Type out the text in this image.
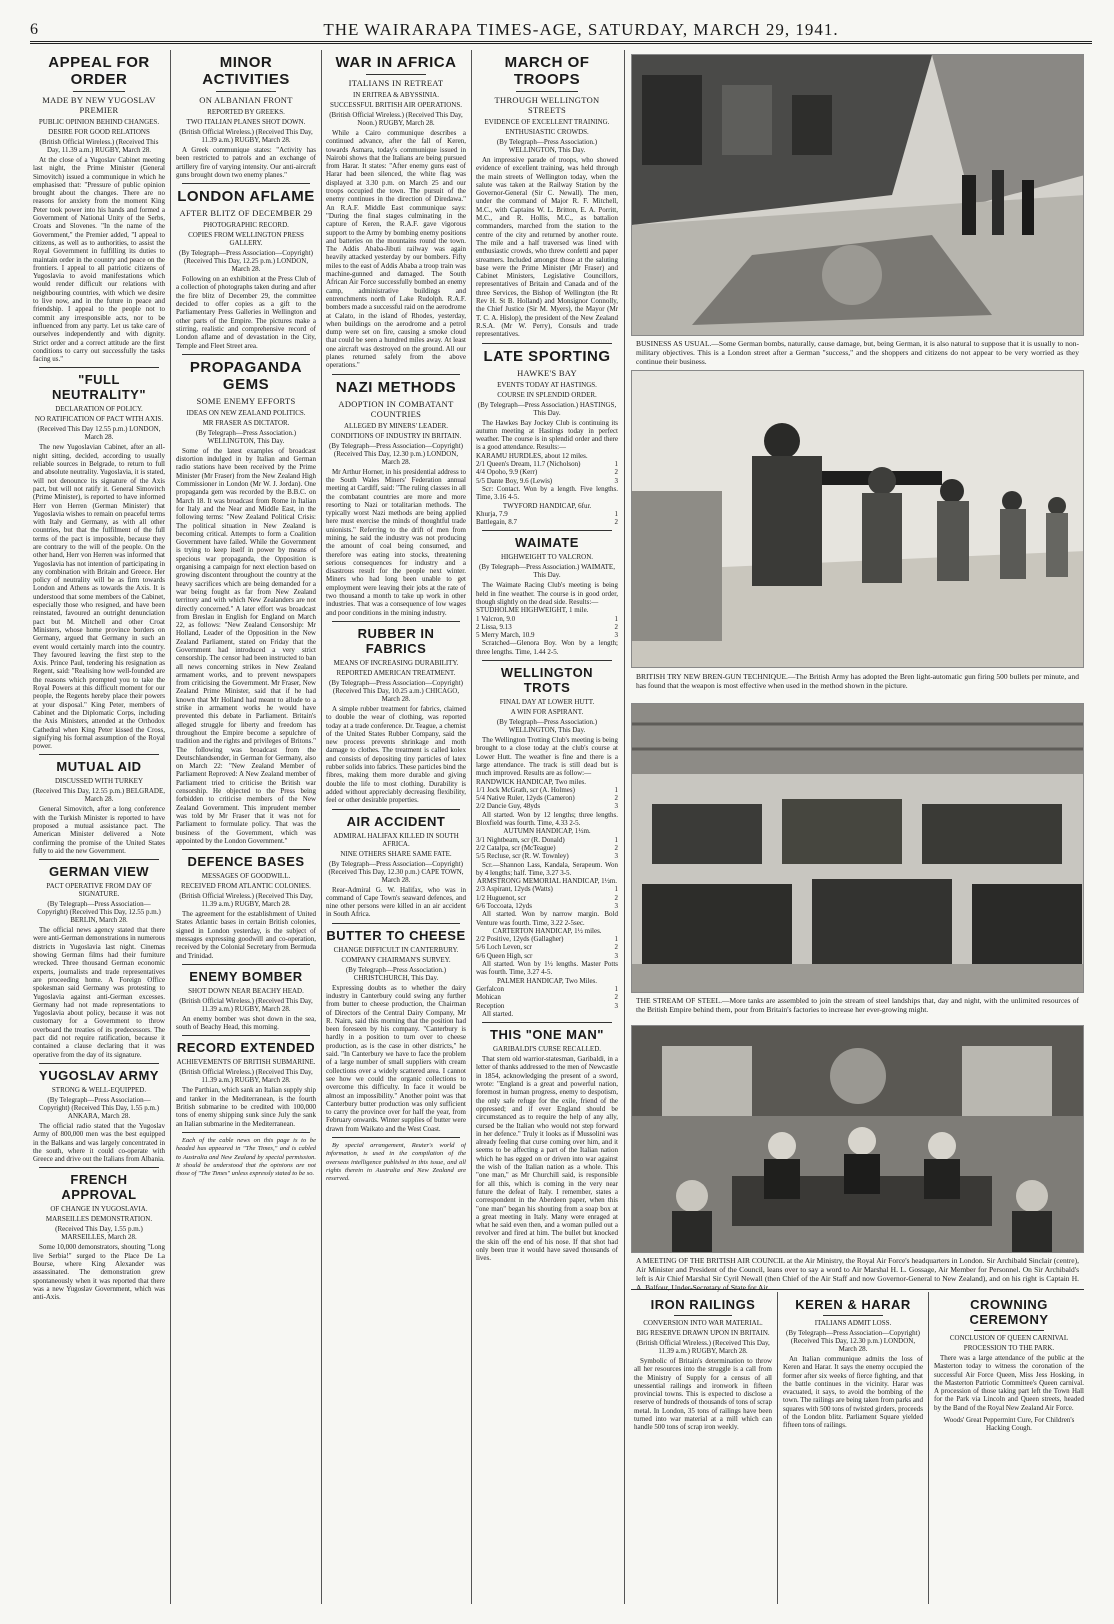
6	THE WAIRARAPA TIMES-AGE, SATURDAY, MARCH 29, 1941.
APPEAL FOR ORDER
MADE BY NEW YUGOSLAV PREMIER
PUBLIC OPINION BEHIND CHANGES.
DESIRE FOR GOOD RELATIONS
(British Official Wireless.) (Received This Day, 11.39 a.m.) RUGBY, March 28.

At the close of a Yugoslav Cabinet meeting last night, the Prime Minister (General Simovitch) issued a communique in which he emphasised that: "Pressure of public opinion brought about the changes. There are no reasons for anxiety from the moment King Peter took power into his hands and formed a Government of National Unity of the Serbs, Croats and Slovenes. "In the name of the Government," the Premier added, "I appeal to citizens, as well as to authorities, to assist the Royal Government in fulfilling its duties to maintain order in the country and peace on the frontiers. I appeal to all patriotic citizens of Yugoslavia to avoid manifestations which would render difficult our relations with neighbouring countries, with which we desire to live now, and in the future in peace and friendship. I appeal to the people not to commit any irresponsible acts, nor to be influenced from any party. Let us take care of ourselves independently and with dignity. Strict order and a correct attitude are the first conditions to carry out successfully the tasks facing us."

"FULL NEUTRALITY"
DECLARATION OF POLICY.
NO RATIFICATION OF PACT WITH AXIS.
(Received This Day 12.55 p.m.) LONDON, March 28.

The new Yugoslavian Cabinet, after an all-night sitting, decided, according to usually reliable sources in Belgrade, to return to full and absolute neutrality. Yugoslavia, it is stated, will not denounce its signature of the Axis pact, but will not ratify it. General Simovitch (Prime Minister), is reported to have informed Herr von Herren (German Minister) that Yugoslavia wishes to remain on peaceful terms with Italy and Germany, as with all other countries, but that the fulfilment of the full terms of the pact is impossible, because they are contrary to the will of the people. On the other hand, Herr von Herren was informed that Yugoslavia has not intention of participating in any combination with Britain and Greece. Her policy of neutrality will be as firm towards London and Athens as towards the Axis. It is understood that some members of the Cabinet, especially those who resigned, and have been reinstated, favoured an outright denunciation pact but M. Mitchell and other Croat Ministers, whose home province borders on Germany, argued that Germany in such an event would certainly march into the country. They favoured leaving the first step to the Axis. Prince Paul, tendering his resignation as Regent, said: "Realising how well-founded are the reasons which prompted you to take the Royal Powers at this difficult moment for our people, the Regents hereby place their powers at your disposal." King Peter, members of Cabinet and the Diplomatic Corps, including the Axis Ministers, attended at the Orthodox Cathedral when King Peter kissed the Cross, signifying his formal assumption of the Royal power.

MUTUAL AID
DISCUSSED WITH TURKEY
(Received This Day, 12.55 p.m.) BELGRADE, March 28.

General Simovitch, after a long conference with the Turkish Minister is reported to have proposed a mutual assistance pact. The American Minister delivered a Note confirming the promise of the United States fully to aid the new Government.

GERMAN VIEW
PACT OPERATIVE FROM DAY OF SIGNATURE.
(By Telegraph—Press Association—Copyright) (Received This Day, 12.55 p.m.) BERLIN, March 28.

The official news agency stated that there were anti-German demonstrations in numerous districts in Yugoslavia last night. Cinemas showing German films had their furniture wrecked. Three thousand German economic experts, journalists and trade representatives are proceeding home. A Foreign Office spokesman said Germany was protesting to Yugoslavia against anti-German excesses. Germany had not made representations to Yugoslavia about policy, because it was not customary for a Government to throw overboard the treaties of its predecessors. The pact did not require ratification, because it contained a clause declaring that it was operative from the day of its signature.

YUGOSLAV ARMY
STRONG & WELL-EQUIPPED.
(By Telegraph—Press Association—Copyright) (Received This Day, 1.55 p.m.) ANKARA, March 28.

The official radio stated that the Yugoslav Army of 800,000 men was the best equipped in the Balkans and was largely concentrated in the south, where it could co-operate with Greece and drive out the Italians from Albania.

FRENCH APPROVAL
OF CHANGE IN YUGOSLAVIA.
MARSEILLES DEMONSTRATION.
(Received This Day, 1.55 p.m.) MARSEILLES, March 28.

Some 10,000 demonstrators, shouting "Long live Serbia!" surged to the Place De La Bourse, where King Alexander was assassinated. The demonstration grew spontaneously when it was reported that there was a new Yugoslav Government, which was anti-Axis.

MINOR ACTIVITIES
ON ALBANIAN FRONT
REPORTED BY GREEKS.
TWO ITALIAN PLANES SHOT DOWN.
(British Official Wireless.) (Received This Day, 11.39 a.m.) RUGBY, March 28.

A Greek communique states: "Activity has been restricted to patrols and an exchange of artillery fire of varying intensity. Our anti-aircraft guns brought down two enemy planes."

LONDON AFLAME
AFTER BLITZ OF DECEMBER 29
PHOTOGRAPHIC RECORD.
COPIES FROM WELLINGTON PRESS GALLERY.
(By Telegraph—Press Association—Copyright) (Received This Day, 12.25 p.m.) LONDON, March 28.

Following on an exhibition at the Press Club of a collection of photographs taken during and after the fire blitz of December 29, the committee decided to offer copies as a gift to the Parliamentary Press Galleries in Wellington and other parts of the Empire. The pictures make a stirring, realistic and comprehensive record of London aflame and of devastation in the City, Temple and Fleet Street area.

PROPAGANDA GEMS
SOME ENEMY EFFORTS
IDEAS ON NEW ZEALAND POLITICS.
MR FRASER AS DICTATOR.
(By Telegraph—Press Association.) WELLINGTON, This Day.

Some of the latest examples of broadcast distortion indulged in by Italian and German radio stations have been received by the Prime Minister (Mr Fraser) from the New Zealand High Commissioner in London (Mr W. J. Jordan). One propaganda gem was recorded by the B.B.C. on March 18. It was broadcast from Rome in Italian for Italy and the Near and Middle East, in the following terms: "New Zealand Political Crisis: The political situation in New Zealand is becoming critical. Attempts to form a Coalition Government have failed. While the Government is trying to keep itself in power by means of specious war propaganda, the Opposition is organising a campaign for next election based on growing discontent throughout the country at the heavy sacrifices which are being demanded for a war being fought as far from New Zealand territory and with which New Zealanders are not directly concerned." A later effort was broadcast from Breslau in English for England on March 22, as follows: "New Zealand Censorship: Mr Holland, Leader of the Opposition in the New Zealand Parliament, stated on Friday that the Government had introduced a very strict censorship. The censor had been instructed to ban all news concerning strikes in New Zealand armament works, and to prevent newspapers from criticising the Government. Mr Fraser, New Zealand Prime Minister, said that if he had known that Mr Holland had meant to allude to a strike in armament works he would have prevented this debate in Parliament. Britain's alleged struggle for liberty and freedom has throughout the Empire become a sepulchre of tradition and the rights and privileges of Britons." The following was broadcast from the Deutschlandsender, in German for Germany, also on March 22: "New Zealand Member of Parliament Reproved: A New Zealand member of Parliament tried to criticise the British war censorship. He objected to the Press being forbidden to criticise members of the New Zealand Government. This imprudent member was told by Mr Fraser that it was not for Parliament to formulate policy. That was the business of the Government, which was appointed by the London Government."

DEFENCE BASES
MESSAGES OF GOODWILL.
RECEIVED FROM ATLANTIC COLONIES.
(British Official Wireless.) (Received This Day, 11.39 a.m.) RUGBY, March 28.

The agreement for the establishment of United States Atlantic bases in certain British colonies, signed in London yesterday, is the subject of messages expressing goodwill and co-operation, received by the Colonial Secretary from Bermuda and Trinidad.

ENEMY BOMBER
SHOT DOWN NEAR BEACHY HEAD.
(British Official Wireless.) (Received This Day, 11.39 a.m.) RUGBY, March 28.

An enemy bomber was shot down in the sea, south of Beachy Head, this morning.

RECORD EXTENDED
ACHIEVEMENTS OF BRITISH SUBMARINE.
(British Official Wireless.) (Received This Day, 11.39 a.m.) RUGBY, March 28.

The Parthian, which sank an Italian supply ship and tanker in the Mediterranean, is the fourth British submarine to be credited with 100,000 tons of enemy shipping sunk since July the sank an Italian submarine in the Mediterranean.

Each of the cable news on this page is to be headed has appeared in "The Times," and is cabled to Australia and New Zealand by special permission. It should be understood that the opinions are not those of "The Times" unless expressly stated to be so.

WAR IN AFRICA
ITALIANS IN RETREAT
IN ERITREA & ABYSSINIA.
SUCCESSFUL BRITISH AIR OPERATIONS.
(British Official Wireless.) (Received This Day, Noon.) RUGBY, March 28.

While a Cairo communique describes a continued advance, after the fall of Keren, towards Asmara, today's communique issued in Nairobi shows that the Italians are being pursued from Harar. It states: "After enemy guns east of Harar had been silenced, the white flag was displayed at 3.30 p.m. on March 25 and our troops occupied the town. The pursuit of the enemy continues in the direction of Diredawa." An R.A.F. Middle East communique says: "During the final stages culminating in the capture of Keren, the R.A.F. gave vigorous support to the Army by bombing enemy positions and batteries on the mountains round the town. The Addis Ababa-Jibuti railway was again heavily attacked yesterday by our bombers. Fifty miles to the east of Addis Ababa a troop train was machine-gunned and damaged. The South African Air Force successfully bombed an enemy camp, administrative buildings and entrenchments north of Lake Rudolph. R.A.F. bombers made a successful raid on the aerodrome at Calato, in the island of Rhodes, yesterday, when buildings on the aerodrome and a petrol dump were set on fire, causing a smoke cloud that could be seen a hundred miles away. At least one aircraft was destroyed on the ground. All our planes returned safely from the above operations."

NAZI METHODS
ADOPTION IN COMBATANT COUNTRIES
ALLEGED BY MINERS' LEADER.
CONDITIONS OF INDUSTRY IN BRITAIN.
(By Telegraph—Press Association—Copyright) (Received This Day, 12.30 p.m.) LONDON, March 28.

Mr Arthur Horner, in his presidential address to the South Wales Miners' Federation annual meeting at Cardiff, said: "The ruling classes in all the combatant countries are more and more resorting to Nazi or totalitarian methods. The typically worst Nazi methods are being applied here must exercise the minds of thoughtful trade unionists." Referring to the drift of men from mining, he said the industry was not producing the amount of coal being consumed, and therefore was eating into stocks, threatening serious consequences for industry and a disastrous result for the people next winter. Miners who had long been unable to get employment were leaving their jobs at the rate of two thousand a month to take up work in other industries. That was a consequence of low wages and poor conditions in the mining industry.

RUBBER IN FABRICS
MEANS OF INCREASING DURABILITY.
REPORTED AMERICAN TREATMENT.
(By Telegraph—Press Association—Copyright) (Received This Day, 10.25 a.m.) CHICAGO, March 28.

A simple rubber treatment for fabrics, claimed to double the wear of clothing, was reported today at a trade conference. Dr. Teague, a chemist of the United States Rubber Company, said the new process prevents shrinkage and moth damage to clothes. The treatment is called kolex and consists of depositing tiny particles of latex rubber solids into fabrics. These particles bind the fibres, making them more durable and giving double the life to most clothing. Durability is added without appreciably decreasing flexibility, feel or other desirable properties.

AIR ACCIDENT
ADMIRAL HALIFAX KILLED IN SOUTH AFRICA.
NINE OTHERS SHARE SAME FATE.
(By Telegraph—Press Association—Copyright) (Received This Day, 12.30 p.m.) CAPE TOWN, March 28.

Rear-Admiral G. W. Halifax, who was in command of Cape Town's seaward defences, and nine other persons were killed in an air accident in South Africa.

BUTTER TO CHEESE
CHANGE DIFFICULT IN CANTERBURY.
COMPANY CHAIRMAN'S SURVEY.
(By Telegraph—Press Association.) CHRISTCHURCH, This Day.

Expressing doubts as to whether the dairy industry in Canterbury could swing any further from butter to cheese production, the Chairman of Directors of the Central Dairy Company, Mr R. Nairn, said this morning that the position had been foreseen by his company. "Canterbury is hardly in a position to turn over to cheese production, as is the case in other districts," he said. "In Canterbury we have to face the problem of a large number of small suppliers with cream collections over a widely scattered area. I cannot see how we could the organic collections to overcome this difficulty. In face it would be almost an impossibility." Another point was that Canterbury butter production was only sufficient to carry the province over for half the year, from February onwards. Winter supplies of butter were drawn from Waikato and the West Coast.

By special arrangement, Reuter's world of information, is used in the compilation of the overseas intelligence published in this issue, and all rights therein in Australia and New Zealand are reserved.

MARCH OF TROOPS
THROUGH WELLINGTON STREETS
EVIDENCE OF EXCELLENT TRAINING.
ENTHUSIASTIC CROWDS.
(By Telegraph—Press Association.) WELLINGTON, This Day.

An impressive parade of troops, who showed evidence of excellent training, was held through the main streets of Wellington today, when the salute was taken at the Railway Station by the Governor-General (Sir C. Newall). The men, under the command of Major R. F. Mitchell, M.C., with Captains W. L. Britton, E. A. Porritt, M.C., and R. Hollis, M.C., as battalion commanders, marched from the station to the centre of the city and returned by another route. The mile and a half traversed was lined with enthusiastic crowds, who threw confetti and paper streamers. Included amongst those at the saluting base were the Prime Minister (Mr Fraser) and Cabinet Ministers, Legislative Councillors, representatives of Britain and Canada and of the three Services, the Bishop of Wellington (the Rt Rev H. St B. Holland) and Monsignor Connolly, the Chief Justice (Sir M. Myers), the Mayor (Mr T. C. A. Hislop), the president of the New Zealand R.S.A. (Mr W. Perry), Consuls and trade representatives.

LATE SPORTING
HAWKE'S BAY
EVENTS TODAY AT HASTINGS.
COURSE IN SPLENDID ORDER.
(By Telegraph—Press Association.) HASTINGS, This Day.

The Hawkes Bay Jockey Club is continuing its autumn meeting at Hastings today in perfect weather. The course is in splendid order and there is a good attendance. Results:—

KARAMU HURDLES, about 12 miles.
2/1 Queen's Dream, 11.7 (Nicholson)	1
4/4 Opoho, 9.9 (Kerr)	2
5/5 Dante Boy, 9.6 (Lewis)	3

Scr: Contact. Won by a length. Five lengths. Time, 3.16 4-5.

TWYFORD HANDICAP, 6fur.
Khurja, 7.9	1
Battlegain, 8.7	2
WAIMATE
HIGHWEIGHT TO VALCRON.
(By Telegraph—Press Association.) WAIMATE, This Day.

The Waimate Racing Club's meeting is being held in fine weather. The course is in good order, though slightly on the dead side. Results:—

STUDHOLME HIGHWEIGHT, 1 mile.
1 Valcron, 9.0	1
2 Lissa, 9.13	2
5 Merry March, 10.9	3

Scratched—Glenora Boy. Won by a length; three lengths. Time, 1.44 2-5.

WELLINGTON TROTS
FINAL DAY AT LOWER HUTT.
A WIN FOR ASPIRANT.
(By Telegraph—Press Association.) WELLINGTON, This Day.

The Wellington Trotting Club's meeting is being brought to a close today at the club's course at Lower Hutt. The weather is fine and there is a large attendance. The track is still dead but is much improved. Results are as follow:—

RANDWICK HANDICAP, Two miles.
1/1 Jock McGrath, scr (A. Holmes)	1
5/4 Native Ruler, 12yds (Cameron)	2
2/2 Dancie Guy, 48yds	3

All started. Won by 12 lengths; three lengths. Bloxfield was fourth. Time, 4.33 2-5.

AUTUMN HANDICAP, 1½m.
3/1 Nightbeam, scr (R. Donald)	1
2/2 Catalpa, scr (McTeague)	2
5/5 Recluse, scr (R. W. Townley)	3

Scr.—Shannon Lass, Kandala, Serapeum. Won by 4 lengths; half. Time, 3.27 3-5.

ARMSTRONG MEMORIAL HANDICAP, 1½m.
2/3 Aspirant, 12yds (Watts)	1
1/2 Huguenot, scr	2
6/6 Toccoata, 12yds	3

All started. Won by narrow margin. Bold Venture was fourth. Time, 3.22 2-5sec.

CARTERTON HANDICAP, 1½ miles.
2/2 Positive, 12yds (Gallagher)	1
5/6 Loch Leven, scr	2
6/6 Queen High, scr	3

All started. Won by 1½ lengths. Master Potts was fourth. Time, 3.27 4-5.

PALMER HANDICAP, Two Miles.
Gerfalcon	1
Mohican	2
Reception	3

All started.

THIS "ONE MAN"
GARIBALDI'S CURSE RECALLED.

That stern old warrior-statesman, Garibaldi, in a letter of thanks addressed to the men of Newcastle in 1854, acknowledging the present of a sword, wrote: "England is a great and powerful nation, foremost in human progress, enemy to despotism, the only safe refuge for the exile, friend of the oppressed; and if ever England should be circumstanced as to require the help of any ally, cursed be the Italian who would not step forward in her defence." Truly it looks as if Mussolini was already feeling that curse coming over him, and it seems to be affecting a part of the Italian nation which he has egged on or driven into war against the wish of the Italian nation as a whole. This "one man," as Mr Churchill said, is responsible for all this, which is coming in the very near future the defeat of Italy. I remember, states a correspondent in the Aberdeen paper, when this "one man" began his shouting from a soap box at a great meeting in Italy. Many were enraged at what he said even then, and a woman pulled out a revolver and fired at him. The bullet but knocked the skin off the end of his nose. If that shot had only been true it would have saved thousands of lives.

BUSINESS AS USUAL.—Some German bombs, naturally, cause damage, but, being German, it is also natural to suppose that it is usually to non-military objectives. This is a London street after a German "success," and the shoppers and citizens do not appear to be very worried as they continue their business.
BRITISH TRY NEW BREN-GUN TECHNIQUE.—The British Army has adopted the Bren light-automatic gun firing 500 bullets per minute, and has found that the weapon is most effective when used in the method shown in the picture.
THE STREAM OF STEEL.—More tanks are assembled to join the stream of steel landships that, day and night, with the unlimited resources of the British Empire behind them, pour from Britain's factories to increase her ever-growing might.
A MEETING OF THE BRITISH AIR COUNCIL at the Air Ministry, the Royal Air Force's headquarters in London. Sir Archibald Sinclair (centre), Air Minister and President of the Council, leans over to say a word to Air Marshal H. L. Gossage, Air Member for Personnel. On Sir Archibald's left is Air Chief Marshal Sir Cyril Newall (then Chief of the Air Staff and now Governor-General to New Zealand), and on his right is Captain H. A. Balfour, Under-Secretary of State for Air.
IRON RAILINGS
CONVERSION INTO WAR MATERIAL.
BIG RESERVE DRAWN UPON IN BRITAIN.
(British Official Wireless.) (Received This Day, 11.39 a.m.) RUGBY, March 28.

Symbolic of Britain's determination to throw all her resources into the struggle is a call from the Ministry of Supply for a census of all unessential railings and ironwork in fifteen provincial towns. This is expected to disclose a reserve of hundreds of thousands of tons of scrap metal. In London, 35 tons of railings have been turned into war material at a mill which can handle 500 tons of scrap iron weekly.

KEREN & HARAR
ITALIANS ADMIT LOSS.
(By Telegraph—Press Association—Copyright) (Received This Day, 12.30 p.m.) LONDON, March 28.

An Italian communique admits the loss of Keren and Harar. It says the enemy occupied the former after six weeks of fierce fighting, and that the battle continues in the vicinity. Harar was evacuated, it says, to avoid the bombing of the town. The railings are being taken from parks and squares with 500 tons of twisted girders, proceeds of the London blitz. Parliament Square yielded fifteen tons of railings.

CROWNING CEREMONY
CONCLUSION OF QUEEN CARNIVAL
PROCESSION TO THE PARK.

There was a large attendance of the public at the Masterton today to witness the coronation of the successful Air Force Queen, Miss Jess Hosking, in the Masterton Patriotic Committee's Queen carnival. A procession of those taking part left the Town Hall for the Park via Lincoln and Queen streets, headed by the Band of the Royal New Zealand Air Force.

Woods' Great Peppermint Cure, For Children's Hacking Cough.
